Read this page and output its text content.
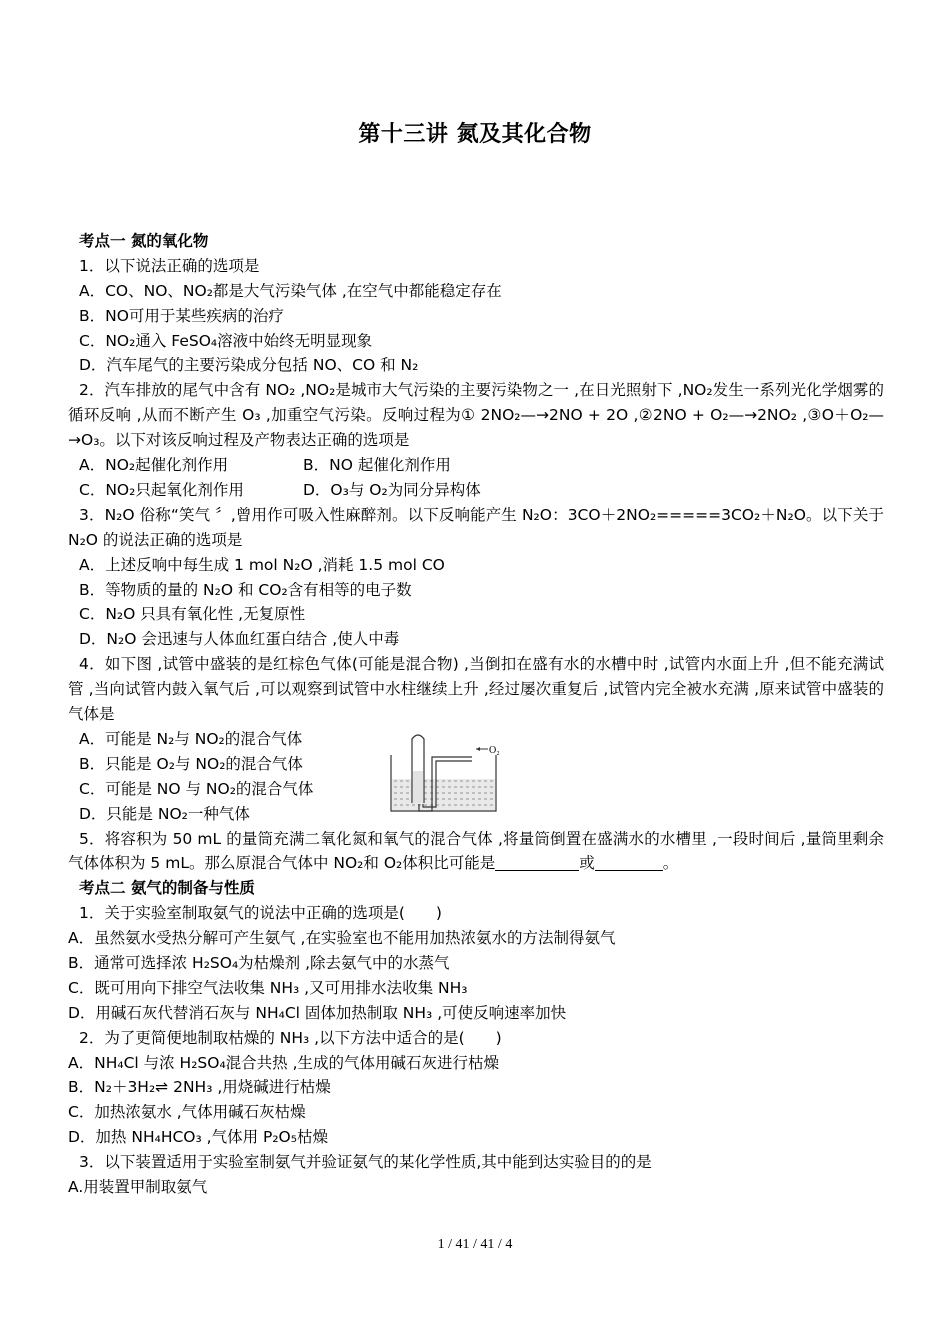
第十三讲 氮及其化合物
考点一 氮的氧化物
1．以下说法正确的选项是
A．CO、NO、NO₂都是大气污染气体 ,在空气中都能稳定存在
B．NO可用于某些疾病的治疗
C．NO₂通入 FeSO₄溶液中始终无明显现象
D．汽车尾气的主要污染成分包括 NO、CO 和 N₂
2．汽车排放的尾气中含有 NO₂ ,NO₂是城市大气污染的主要污染物之一 ,在日光照射下 ,NO₂发生一系列光化学烟雾的循环反响 ,从而不断产生 O₃ ,加重空气污染。反响过程为① 2NO₂—→2NO + 2O ,②2NO + O₂—→2NO₂ ,③O＋O₂—→O₃。以下对该反响过程及产物表达正确的选项是
A．NO₂起催化剂作用	B．NO 起催化剂作用
C．NO₂只起氧化剂作用	D．O₃与 O₂为同分异构体
3．N₂O 俗称“笑气 〞,曾用作可吸入性麻醉剂。以下反响能产生 N₂O：3CO＋2NO₂=====3CO₂＋N₂O。以下关于 N₂O 的说法正确的选项是
A．上述反响中每生成 1 mol N₂O ,消耗 1.5 mol CO
B．等物质的量的 N₂O 和 CO₂含有相等的电子数
C．N₂O 只具有氧化性 ,无复原性
D．N₂O 会迅速与人体血红蛋白结合 ,使人中毒
4．如下图 ,试管中盛装的是红棕色气体(可能是混合物) ,当倒扣在盛有水的水槽中时 ,试管内水面上升 ,但不能充满试管 ,当向试管内鼓入氧气后 ,可以观察到试管中水柱继续上升 ,经过屡次重复后 ,试管内完全被水充满 ,原来试管中盛装的气体是
A．可能是 N₂与 NO₂的混合气体
B．只能是 O₂与 NO₂的混合气体
C．可能是 NO 与 NO₂的混合气体
D．只能是 NO₂一种气体
O₂
5．将容积为 50 mL 的量筒充满二氧化氮和氧气的混合气体 ,将量筒倒置在盛满水的水槽里 ,一段时间后 ,量筒里剩余气体体积为 5 mL。那么原混合气体中 NO₂和 O₂体积比可能是	或	。
考点二 氨气的制备与性质
1．关于实验室制取氨气的说法中正确的选项是(　　)
A．虽然氨水受热分解可产生氨气 ,在实验室也不能用加热浓氨水的方法制得氨气
B．通常可选择浓 H₂SO₄为枯燥剂 ,除去氨气中的水蒸气
C．既可用向下排空气法收集 NH₃ ,又可用排水法收集 NH₃
D．用碱石灰代替消石灰与 NH₄Cl 固体加热制取 NH₃ ,可使反响速率加快
2．为了更简便地制取枯燥的 NH₃ ,以下方法中适合的是(　　)
A．NH₄Cl 与浓 H₂SO₄混合共热 ,生成的气体用碱石灰进行枯燥
B．N₂＋3H₂⇌ 2NH₃ ,用烧碱进行枯燥
C．加热浓氨水 ,气体用碱石灰枯燥
D．加热 NH₄HCO₃ ,气体用 P₂O₅枯燥
3．以下装置适用于实验室制氨气并验证氨气的某化学性质,其中能到达实验目的的是
A.用装置甲制取氨气
1 / 41 / 41 / 4
